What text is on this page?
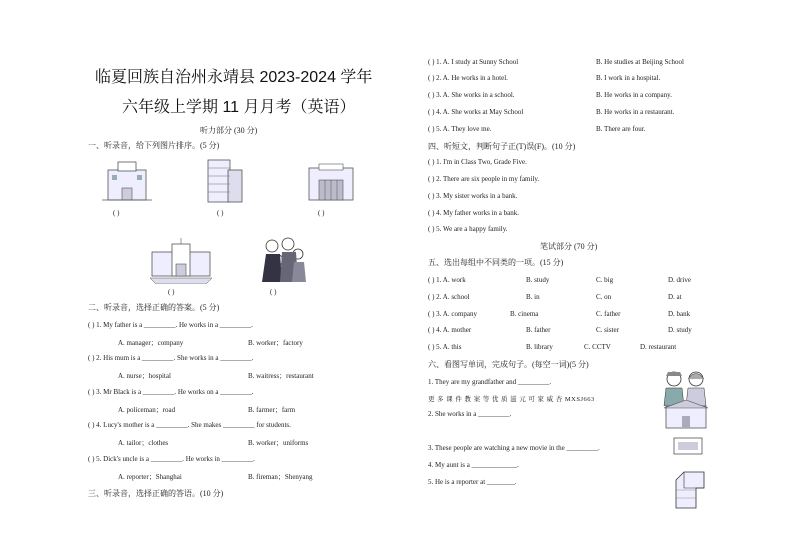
临夏回族自治州永靖县 2023-2024 学年
六年级上学期 11 月月考（英语）
听力部分 (30 分)
一、听录音，给下列图片排序。(5 分)
( )	( )	( )
( )	( )
二、听录音，选择正确的答案。(5 分)
( ) 1. My father is a _________. He works in a _________.
A. manager；company	B. worker；factory
( ) 2. His mum is a _________. She works in a _________.
A. nurse；hospital	B. waitress；restaurant
( ) 3. Mr Black is a _________. He works on a _________.
A. policeman；road	B. farmer；farm
( ) 4. Lucy's mother is a _________. She makes _________ for students.
A. tailor；clothes	B. worker；uniforms
( ) 5. Dick's uncle is a _________. He works in _________.
A. reporter；Shanghai	B. fireman；Shenyang
三、听录音，选择正确的答语。(10 分)
( ) 1. A. I study at Sunny School	B. He studies at Beijing School
( ) 2. A. He works in a hotel.	B. I work in a hospital.
( ) 3. A. She works in a school.	B. He works in a company.
( ) 4. A. She works at May School	B. He works in a restaurant.
( ) 5. A. They love me.	B. There are four.
四、听短文，判断句子正(T)误(F)。(10 分)
( ) 1. I'm in Class Two, Grade Five.
( ) 2. There are six people in my family.
( ) 3. My sister works in a bank.
( ) 4. My father works in a bank.
( ) 5. We are a happy family.
笔试部分 (70 分)
五、选出每组中不同类的一项。(15 分)
( ) 1. A. work	B. study	C. big	D. drive
( ) 2. A. school	B. in	C. on	D. at
( ) 3. A. company	B. cinema	C. father	D. bank
( ) 4. A. mother	B. father	C. sister	D. study
( ) 5. A. this	B. library	C. CCTV	D. restaurant
六、看图写单词，完成句子。(每空一词)(5 分)
1. They are my grandfather and _________.
更 多 课 件 教 案 等 优 质 滋 元 可 家 威 杏 MXSJ663
2. She works in a _________.
3. These people are watching a new movie in the _________.
4. My aunt is a _____________.
5. He is a reporter at ________.
